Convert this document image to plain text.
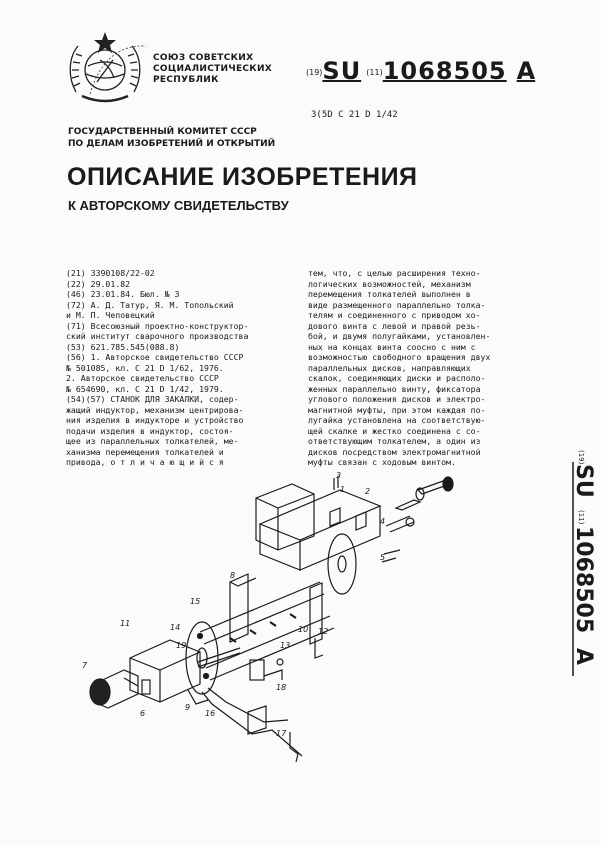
СОЮЗ СОВЕТСКИХ
СОЦИАЛИСТИЧЕСКИХ
РЕСПУБЛИК
$^{(19)}$SU $^{(11)}$1068505 A
3(5D C 21 D 1/42
ГОСУДАРСТВЕННЫЙ КОМИТЕТ СССР
ПО ДЕЛАМ ИЗОБРЕТЕНИЙ И ОТКРЫТИЙ
ОПИСАНИЕ ИЗОБРЕТЕНИЯ
К АВТОРСКОМУ СВИДЕТЕЛЬСТВУ
(21) 3390108/22-02
(22) 29.01.82
(46) 23.01.84. Бюл. № 3
(72) А. Д. Татур, Я. М. Топольский
и М. П. Чеповецкий
(71) Всесоюзный проектно-конструктор-
ский институт сварочного производства
(53) 621.785.545(088.8)
(56) 1. Авторское свидетельство СССР
№ 501085, кл. С 21 D 1/62, 1976.
2. Авторское свидетельство СССР
№ 654690, кл. С 21 D 1/42, 1979.
(54)(57) СТАНОК ДЛЯ ЗАКАЛКИ, содер-
жащий индуктор, механизм центрирова-
ния изделия в индукторе и устройство
подачи изделия в индуктор, состоя-
щее из параллельных толкателей, ме-
ханизма перемещения толкателей и
привода, о т л и ч а ю щ и й с я
тем, что, с целью расширения техно-
логических возможностей, механизм
перемещения толкателей выполнен в
виде размещенного параллельно толка-
телям и соединенного с приводом хо-
дового винта с левой и правой резь-
бой, и двумя полугайками, установлен-
ных на концах винта соосно с ним с
возможностью свободного вращения двух
параллельных дисков, направляющих
скалок, соединяющих диски и располо-
женных параллельно винту, фиксатора
углового положения дисков и электро-
магнитной муфты, при этом каждая по-
лугайка установлена на соответствую-
щей скалке и жестко соединена с со-
ответствующим толкателем, а один из
дисков посредством электромагнитной
муфты связан с ходовым винтом.	(19)
SU
(11)
1068505
A
1 2
3
4
5
6
7
8
9
10
11
12
13
14
15
16
17
18
19
